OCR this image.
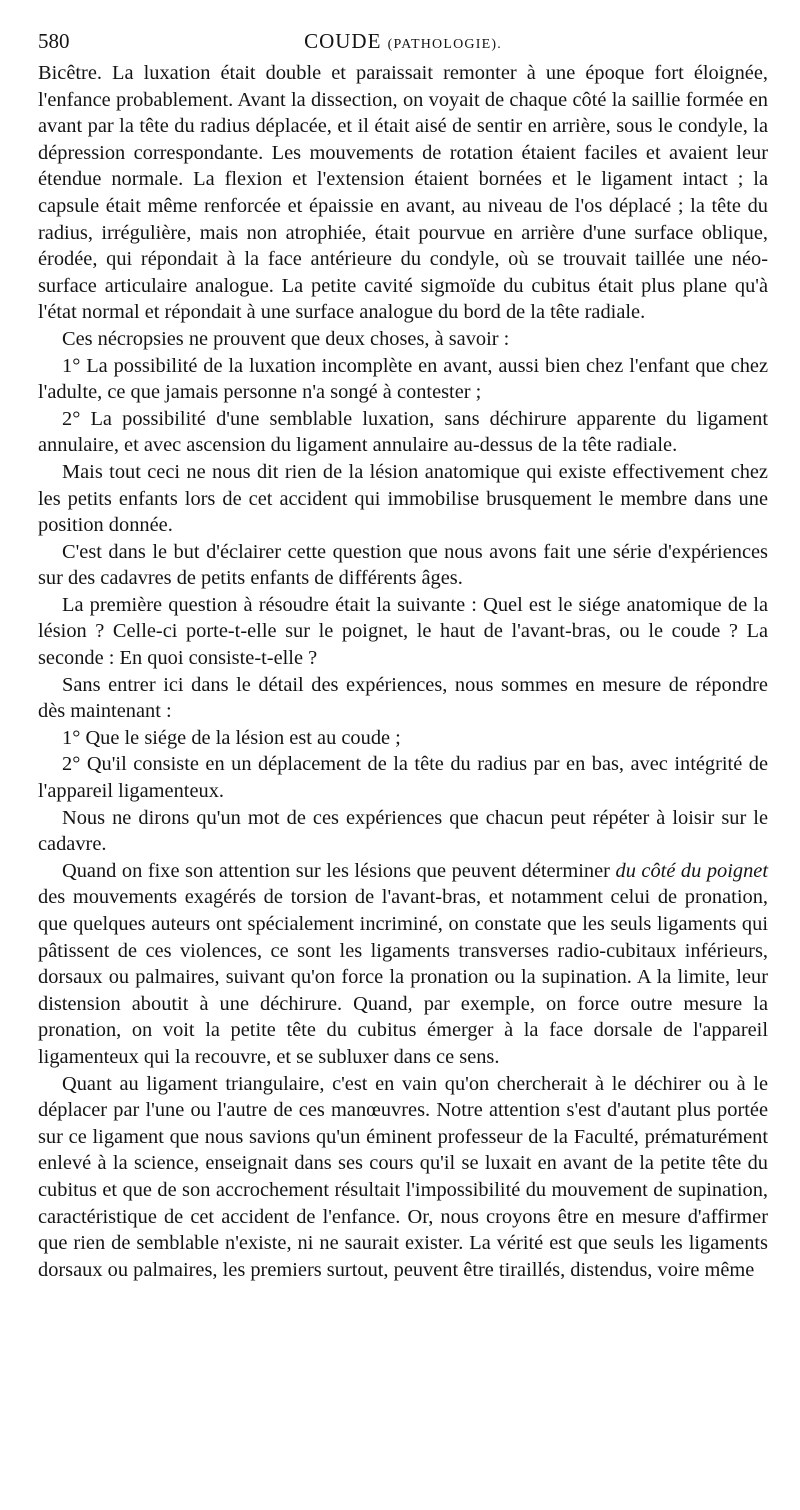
580	COUDE (PATHOLOGIE).

Bicêtre. La luxation était double et paraissait remonter à une époque fort éloignée, l'enfance probablement. Avant la dissection, on voyait de chaque côté la saillie formée en avant par la tête du radius déplacée, et il était aisé de sentir en arrière, sous le condyle, la dépression correspondante. Les mouvements de rotation étaient faciles et avaient leur étendue normale. La flexion et l'extension étaient bornées et le ligament intact ; la capsule était même renforcée et épaissie en avant, au niveau de l'os déplacé ; la tête du radius, irrégulière, mais non atrophiée, était pourvue en arrière d'une surface oblique, érodée, qui répondait à la face antérieure du condyle, où se trouvait taillée une néo-surface articulaire analogue. La petite cavité sigmoïde du cubitus était plus plane qu'à l'état normal et répondait à une surface analogue du bord de la tête radiale.

Ces nécropsies ne prouvent que deux choses, à savoir :

1° La possibilité de la luxation incomplète en avant, aussi bien chez l'enfant que chez l'adulte, ce que jamais personne n'a songé à contester ;

2° La possibilité d'une semblable luxation, sans déchirure apparente du ligament annulaire, et avec ascension du ligament annulaire au-dessus de la tête radiale.

Mais tout ceci ne nous dit rien de la lésion anatomique qui existe effectivement chez les petits enfants lors de cet accident qui immobilise brusquement le membre dans une position donnée.

C'est dans le but d'éclairer cette question que nous avons fait une série d'expériences sur des cadavres de petits enfants de différents âges.

La première question à résoudre était la suivante : Quel est le siége anatomique de la lésion ? Celle-ci porte-t-elle sur le poignet, le haut de l'avant-bras, ou le coude ? La seconde : En quoi consiste-t-elle ?

Sans entrer ici dans le détail des expériences, nous sommes en mesure de répondre dès maintenant :

1° Que le siége de la lésion est au coude ;

2° Qu'il consiste en un déplacement de la tête du radius par en bas, avec intégrité de l'appareil ligamenteux.

Nous ne dirons qu'un mot de ces expériences que chacun peut répéter à loisir sur le cadavre.

Quand on fixe son attention sur les lésions que peuvent déterminer du côté du poignet des mouvements exagérés de torsion de l'avant-bras, et notamment celui de pronation, que quelques auteurs ont spécialement incriminé, on constate que les seuls ligaments qui pâtissent de ces violences, ce sont les ligaments transverses radio-cubitaux inférieurs, dorsaux ou palmaires, suivant qu'on force la pronation ou la supination. A la limite, leur distension aboutit à une déchirure. Quand, par exemple, on force outre mesure la pronation, on voit la petite tête du cubitus émerger à la face dorsale de l'appareil ligamenteux qui la recouvre, et se subluxer dans ce sens.

Quant au ligament triangulaire, c'est en vain qu'on chercherait à le déchirer ou à le déplacer par l'une ou l'autre de ces manœuvres. Notre attention s'est d'autant plus portée sur ce ligament que nous savions qu'un éminent professeur de la Faculté, prématurément enlevé à la science, enseignait dans ses cours qu'il se luxait en avant de la petite tête du cubitus et que de son accrochement résultait l'impossibilité du mouvement de supination, caractéristique de cet accident de l'enfance. Or, nous croyons être en mesure d'affirmer que rien de semblable n'existe, ni ne saurait exister. La vérité est que seuls les ligaments dorsaux ou palmaires, les premiers surtout, peuvent être tiraillés, distendus, voire même
